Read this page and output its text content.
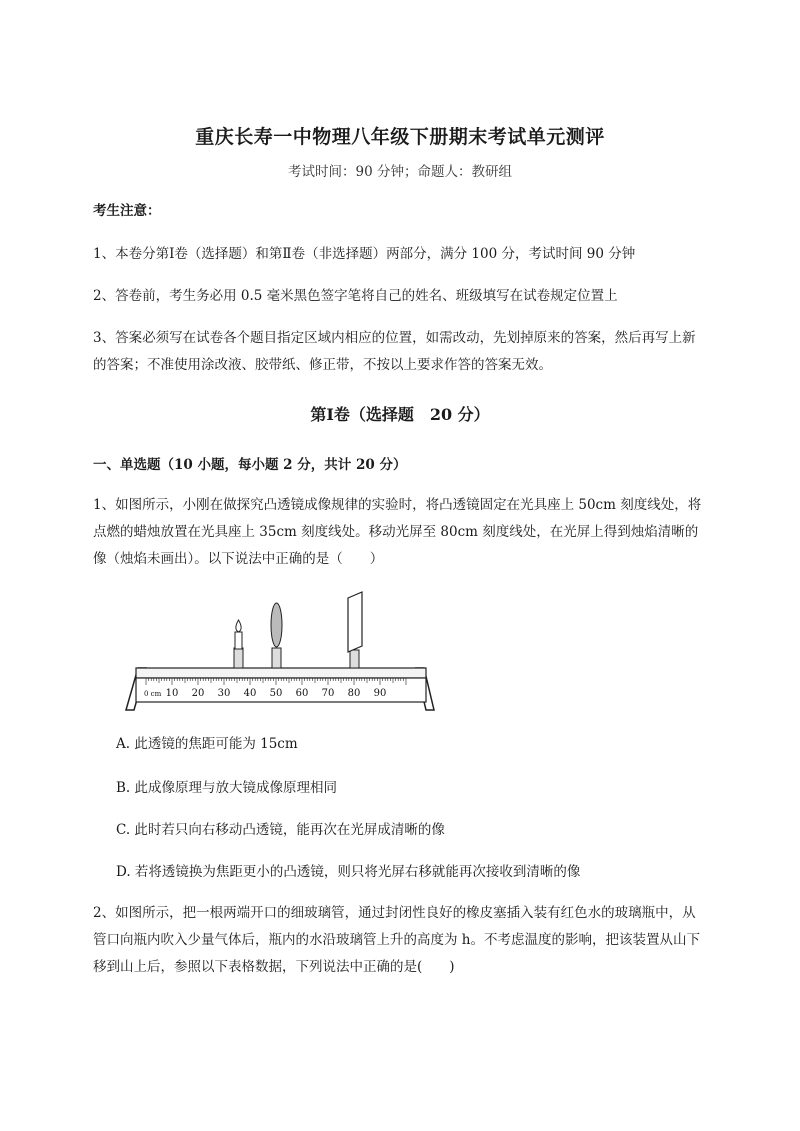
重庆长寿一中物理八年级下册期末考试单元测评
考试时间：90 分钟；命题人：教研组
考生注意：
1、本卷分第Ⅰ卷（选择题）和第Ⅱ卷（非选择题）两部分，满分 100 分，考试时间 90 分钟
2、答卷前，考生务必用 0.5 毫米黑色签字笔将自己的姓名、班级填写在试卷规定位置上
3、答案必须写在试卷各个题目指定区域内相应的位置，如需改动，先划掉原来的答案，然后再写上新的答案；不准使用涂改液、胶带纸、修正带，不按以上要求作答的答案无效。
第Ⅰ卷（选择题　20 分）
一、单选题（10 小题，每小题 2 分，共计 20 分）
1、如图所示，小刚在做探究凸透镜成像规律的实验时，将凸透镜固定在光具座上 50cm 刻度线处，将点燃的蜡烛放置在光具座上 35cm 刻度线处。移动光屏至 80cm 刻度线处，在光屏上得到烛焰清晰的像（烛焰未画出）。以下说法中正确的是（　　）
0 cm 10 20 30 40 50 60 70 80 90
A. 此透镜的焦距可能为 15cm
B. 此成像原理与放大镜成像原理相同
C. 此时若只向右移动凸透镜，能再次在光屏成清晰的像
D. 若将透镜换为焦距更小的凸透镜，则只将光屏右移就能再次接收到清晰的像
2、如图所示，把一根两端开口的细玻璃管，通过封闭性良好的橡皮塞插入装有红色水的玻璃瓶中，从管口向瓶内吹入少量气体后，瓶内的水沿玻璃管上升的高度为 h。不考虑温度的影响，把该装置从山下移到山上后，参照以下表格数据，下列说法中正确的是(　　)
